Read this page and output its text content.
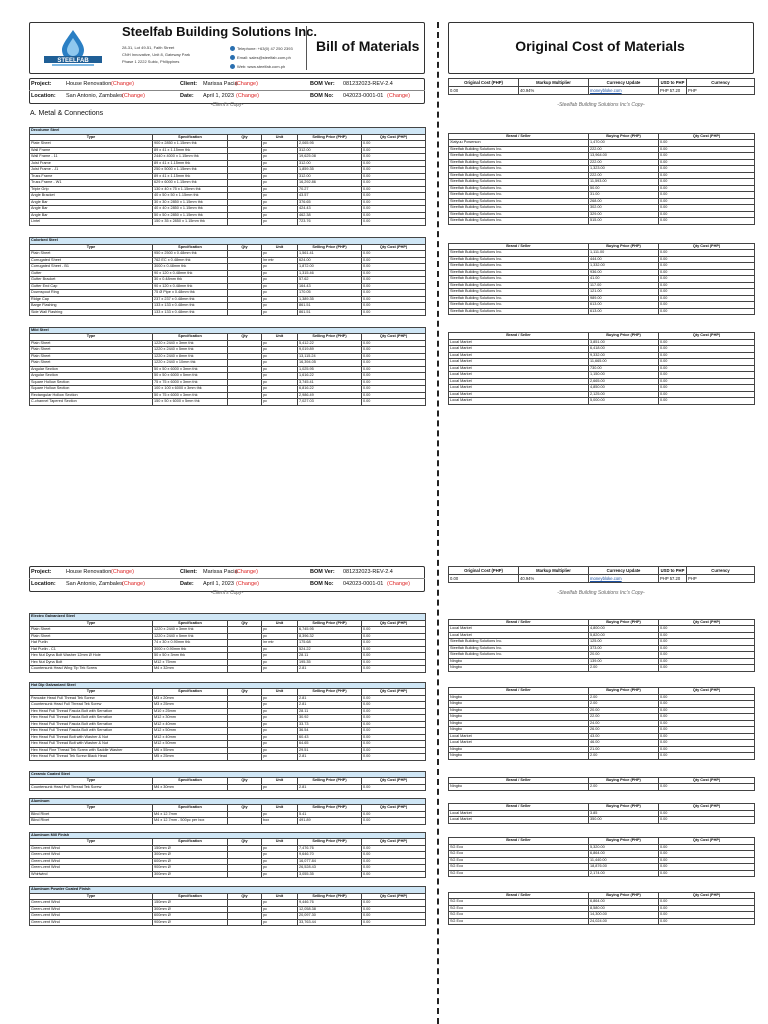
STEELFAB
Steelfab Building Solutions Inc.
28-31, Lot 49-51, Faith Street
CNH Innovative, Unit 8, Gateway Park
Phase 1 2222 Subic, Philippines
Telephone: +63(0) 47 250 2393
Email: sales@steelfab.com.ph
Web: www.steelfab.com.ph
Bill of Materials	Original Cost of Materials
Project:	House Renovation (Change)	Client: Marissa Pacia
(Change)	BOM Ver: 081232023-REV-2.4
Location: San Antonio, Zambales (Change)	Date: April 1, 2023 (Change)	BOM No: 042023-0001-01 (Change)
-Client's Copy-
Original Cost (PHP)	Markup Multiplier	Currency Update	USD to PHP	Currency
0.00	40.94%	moneybloke.com	PHP 57.20	PHP
-Steelfab Building Solutions Inc's Copy-
Project:	House Renovation (Change)	Client: Marissa Pacia
(Change)	BOM Ver: 081232023-REV-2.4
Location: San Antonio, Zambales (Change)	Date: April 1, 2023 (Change)	BOM No: 042023-0001-01 (Change)
-Client's Copy-
Original Cost (PHP)	Markup Multiplier	Currency Update	USD to PHP	Currency
0.00	40.94%	moneybloke.com	PHP 57.20	PHP
-Steelfab Building Solutions Inc's Copy-
A. Metal & Connections
Decolume Steel					
Type	Specification	Qty	Unit	Selling Price (PHP)	Qty Cost (PHP)
Plate Sheet	900 x 2850 x 1.15mm thk		pc	2,065.95	0.00
Wall Frame	89 x 41 x 1.15mm thk		pc	312.00	0.00
Wall Frame - 11	2440 x 4000 x 1.15mm thk		pc	19,625.08	0.00
Joist Frame	89 x 41 x 1.15mm thk		pc	312.00	0.00
Joist Frame - J1	250 x 5000 x 1.15mm thk		pc	1,859.35	0.00
Truss Frame	89 x 41 x 1.15mm thk		pc	312.00	0.00
Truss Frame - W1	629 x 6000 x 1.15mm thk		pc	16,292.86	0.00
Triple Grip	130 x 40 x 75 x 1.15mm thk		pc	70.27	0.00
Angle Bracket	40 x 50 x 50 x 1.15mm thk		pc	43.57	0.00
Angle Bar	30 x 30 x 2850 x 1.15mm thk		pc	376.65	0.00
Angle Bar	40 x 40 x 2850 x 1.15mm thk		pc	424.43	0.00
Angle Bar	50 x 50 x 2850 x 1.15mm thk		pc	462.38	0.00
Lintel	150 x 35 x 2850 x 1.15mm thk		pc	723.76	0.00

Brand / Seller	Buying Price (PHP)	Qty Cost (PHP)
Xiatyuu Powerson	1,470.00	0.00
Steelfab Building Solutions Inc.	222.00	0.00
Steelfab Building Solutions Inc.	13,964.00	0.00
Steelfab Building Solutions Inc.	222.00	0.00
Steelfab Building Solutions Inc.	1,323.00	0.00
Steelfab Building Solutions Inc.	222.00	0.00
Steelfab Building Solutions Inc.	11,593.00	0.00
Steelfab Building Solutions Inc.	50.00	0.00
Steelfab Building Solutions Inc.	31.00	0.00
Steelfab Building Solutions Inc.	268.00	0.00
Steelfab Building Solutions Inc.	302.00	0.00
Steelfab Building Solutions Inc.	329.00	0.00
Steelfab Building Solutions Inc.	515.00	0.00
Colorbed Steel					
Type	Specification	Qty	Unit	Selling Price (PHP)	Qty Cost (PHP)
Plain Sheet	950 x 2500 x 0.48mm thk		pc	1,561.41	0.00
Corrugated Sheet	762 EC x 0.48mm thk		lnr mtr	624.00	0.00
Corrugated Sheet - B1	3000 x 0.48mm thk		pc	1,872.00	0.00
Gutter	90 x 120 x 0.48mm thk		pc	1,315.46	0.00
Gutter Bracket	30 x 0.48mm thk		pc	57.62	0.00
Gutter End Cap	90 x 120 x 0.48mm thk		pc	164.43	0.00
Downspout Ring	75 Ø Pipe x 0.48mm thk		pc	170.05	0.00
Ridge Cap	237 x 237 x 0.48mm thk		pc	1,389.35	0.00
Barge Flashing	133 x 133 x 0.48mm thk		pc	861.51	0.00
Side Wall Flashing	133 x 133 x 0.48mm thk		pc	861.51	0.00

Brand / Seller	Buying Price (PHP)	Qty Cost (PHP)
Steelfab Building Solutions Inc.	1,111.00	0.00
Steelfab Building Solutions Inc.	444.00	0.00
Steelfab Building Solutions Inc.	1,332.00	0.00
Steelfab Building Solutions Inc.	936.00	0.00
Steelfab Building Solutions Inc.	41.00	0.00
Steelfab Building Solutions Inc.	117.00	0.00
Steelfab Building Solutions Inc.	121.00	0.00
Steelfab Building Solutions Inc.	989.00	0.00
Steelfab Building Solutions Inc.	613.00	0.00
Steelfab Building Solutions Inc.	613.00	0.00
Mild Steel					
Type	Specification	Qty	Unit	Selling Price (PHP)	Qty Cost (PHP)
Plain Sheet	1220 x 2440 x 3mm thk		pc	5,412.22	0.00
Plain Sheet	1220 x 2440 x 5mm thk		pc	9,019.89	0.00
Plain Sheet	1220 x 2440 x 8mm thk		pc	13,115.24	0.00
Plain Sheet	1220 x 2440 x 10mm thk		pc	16,394.05	0.00
Angular Section	50 x 50 x 6000 x 3mm thk		pc	1,025.95	0.00
Angular Section	50 x 50 x 6000 x 5mm thk		pc	1,616.22	0.00
Square Hollow Section	75 x 75 x 6000 x 3mm thk		pc	3,745.41	0.00
Square Hollow Section	100 x 100 x 6000 x 3mm thk		pc	6,816.22	0.00
Rectangular Hollow Section	50 x 75 x 6000 x 3mm thk		pc	2,986.49	0.00
C-channel Tapered Section	150 x 50 x 6000 x 5mm thk		pc	7,027.03	0.00

Brand / Seller	Buying Price (PHP)	Qty Cost (PHP)
Local Market	3,851.00	0.00
Local Market	6,418.00	0.00
Local Market	9,332.00	0.00
Local Market	11,665.00	0.00
Local Market	730.00	0.00
Local Market	1,150.00	0.00
Local Market	2,665.00	0.00
Local Market	4,850.00	0.00
Local Market	2,125.00	0.00
Local Market	5,000.00	0.00
Electro Galvanized Steel					
Type	Specification	Qty	Unit	Selling Price (PHP)	Qty Cost (PHP)
Plain Sheet	1220 x 2440 x 3mm thk		pc	6,745.95	0.00
Plain Sheet	1220 x 2440 x 5mm thk		pc	8,396.32	0.00
Hat Purlin	74 x 30 x 0.90mm thk		lnr mtr	175.68	0.00
Hat Purlin - C1	3000 x 0.90mm thk		pc	524.22	0.00
Hex Nut Dyna Bolt Washer 12mm Ø Hole	50 x 50 x 3mm thk		pc	28.11	0.00
Hex Nut Dyna Bolt	M12 x 75mm		pc	195.35	0.00
Countersunk Head Wing Tip Tek Screw	M4 x 32mm		pc	2.81	0.00

Brand / Seller	Buying Price (PHP)	Qty Cost (PHP)
Local Market	4,800.00	0.00
Local Market	5,820.00	0.00
Steelfab Building Solutions Inc.	125.00	0.00
Steelfab Building Solutions Inc.	373.00	0.00
Steelfab Building Solutions Inc.	20.00	0.00
Ningbo	139.00	0.00
Ningbo	2.00	0.00
Hot Dip Galvanized Steel					
Type	Specification	Qty	Unit	Selling Price (PHP)	Qty Cost (PHP)
Pancake Head Full Thread Tek Screw	M3 x 20mm		pc	2.81	0.00
Countersunk Head Full Thread Tek Screw	M3 x 25mm		pc	2.81	0.00
Hex Head Full Thread Fascia Bolt with Serration	M10 x 25mm		pc	28.11	0.00
Hex Head Full Thread Fascia Bolt with Serration	M12 x 30mm		pc	30.92	0.00
Hex Head Full Thread Fascia Bolt with Serration	M12 x 40mm		pc	33.73	0.00
Hex Head Full Thread Fascia Bolt with Serration	M12 x 50mm		pc	36.54	0.00
Hex Head Full Thread Bolt with Washer & Nut	M12 x 40mm		pc	60.43	0.00
Hex Head Full Thread Bolt with Washer & Nut	M12 x 50mm		pc	64.65	0.00
Hex Head Fine Thread Tek Screw with Saddle Washer	M6 x 55mm		pc	29.51	0.00
Hex Head Full Thread Tek Screw Black Head	M5 x 25mm		pc	2.81	0.00

Brand / Seller	Buying Price (PHP)	Qty Cost (PHP)
Ningbo	2.00	0.00
Ningbo	2.00	0.00
Ningbo	20.00	0.00
Ningbo	22.00	0.00
Ningbo	24.00	0.00
Ningbo	26.00	0.00
Local Market	43.00	0.00
Local Market	46.00	0.00
Ningbo	21.00	0.00
Ningbo	2.00	0.00
Ceramic Coated Steel					
Type	Specification	Qty	Unit	Selling Price (PHP)	Qty Cost (PHP)
Countersunk Head Full Thread Tek Screw	M4 x 30mm		pc	2.81	0.00

Brand / Seller	Buying Price (PHP)	Qty Cost (PHP)
Ningbo	2.00	0.00
Aluminum					
Type	Specification	Qty	Unit	Selling Price (PHP)	Qty Cost (PHP)
Blind Rivet	M4 x 12.7mm		pc	5.41	0.00
Blind Rivet	M4 x 12.7mm - 500pc per box		box	491.89	0.00

Brand / Seller	Buying Price (PHP)	Qty Cost (PHP)
Local Market	3.85	0.00
Local Market	350.00	0.00
Aluminum Mill Finish					
Type	Specification	Qty	Unit	Selling Price (PHP)	Qty Cost (PHP)
Green-vent Wind	150mm Ø		pc	7,476.76	0.00
Green-vent Wind	300mm Ø		pc	9,646.70	0.00
Green-vent Wind	600mm Ø		pc	16,077.84	0.00
Green-vent Wind	900mm Ø		pc	26,528.43	0.00
Whirlwind	300mm Ø		pc	3,055.35	0.00

Brand / Seller	Buying Price (PHP)	Qty Cost (PHP)
SG Eco	5,320.00	0.00
SG Eco	6,864.00	0.00
SG Eco	11,440.00	0.00
SG Eco	18,876.00	0.00
SG Eco	2,174.00	0.00
Aluminum Powder Coated Finish					
Type	Specification	Qty	Unit	Selling Price (PHP)	Qty Cost (PHP)
Green-vent Wind	150mm Ø		pc	9,446.76	0.00
Green-vent Wind	300mm Ø		pc	12,058.38	0.00
Green-vent Wind	600mm Ø		pc	20,097.30	0.00
Green-vent Wind	900mm Ø		pc	33,763.44	0.00

Brand / Seller	Buying Price (PHP)	Qty Cost (PHP)
SG Eco	6,864.00	0.00
SG Eco	8,580.00	0.00
SG Eco	14,300.00	0.00
SG Eco	24,024.00	0.00
